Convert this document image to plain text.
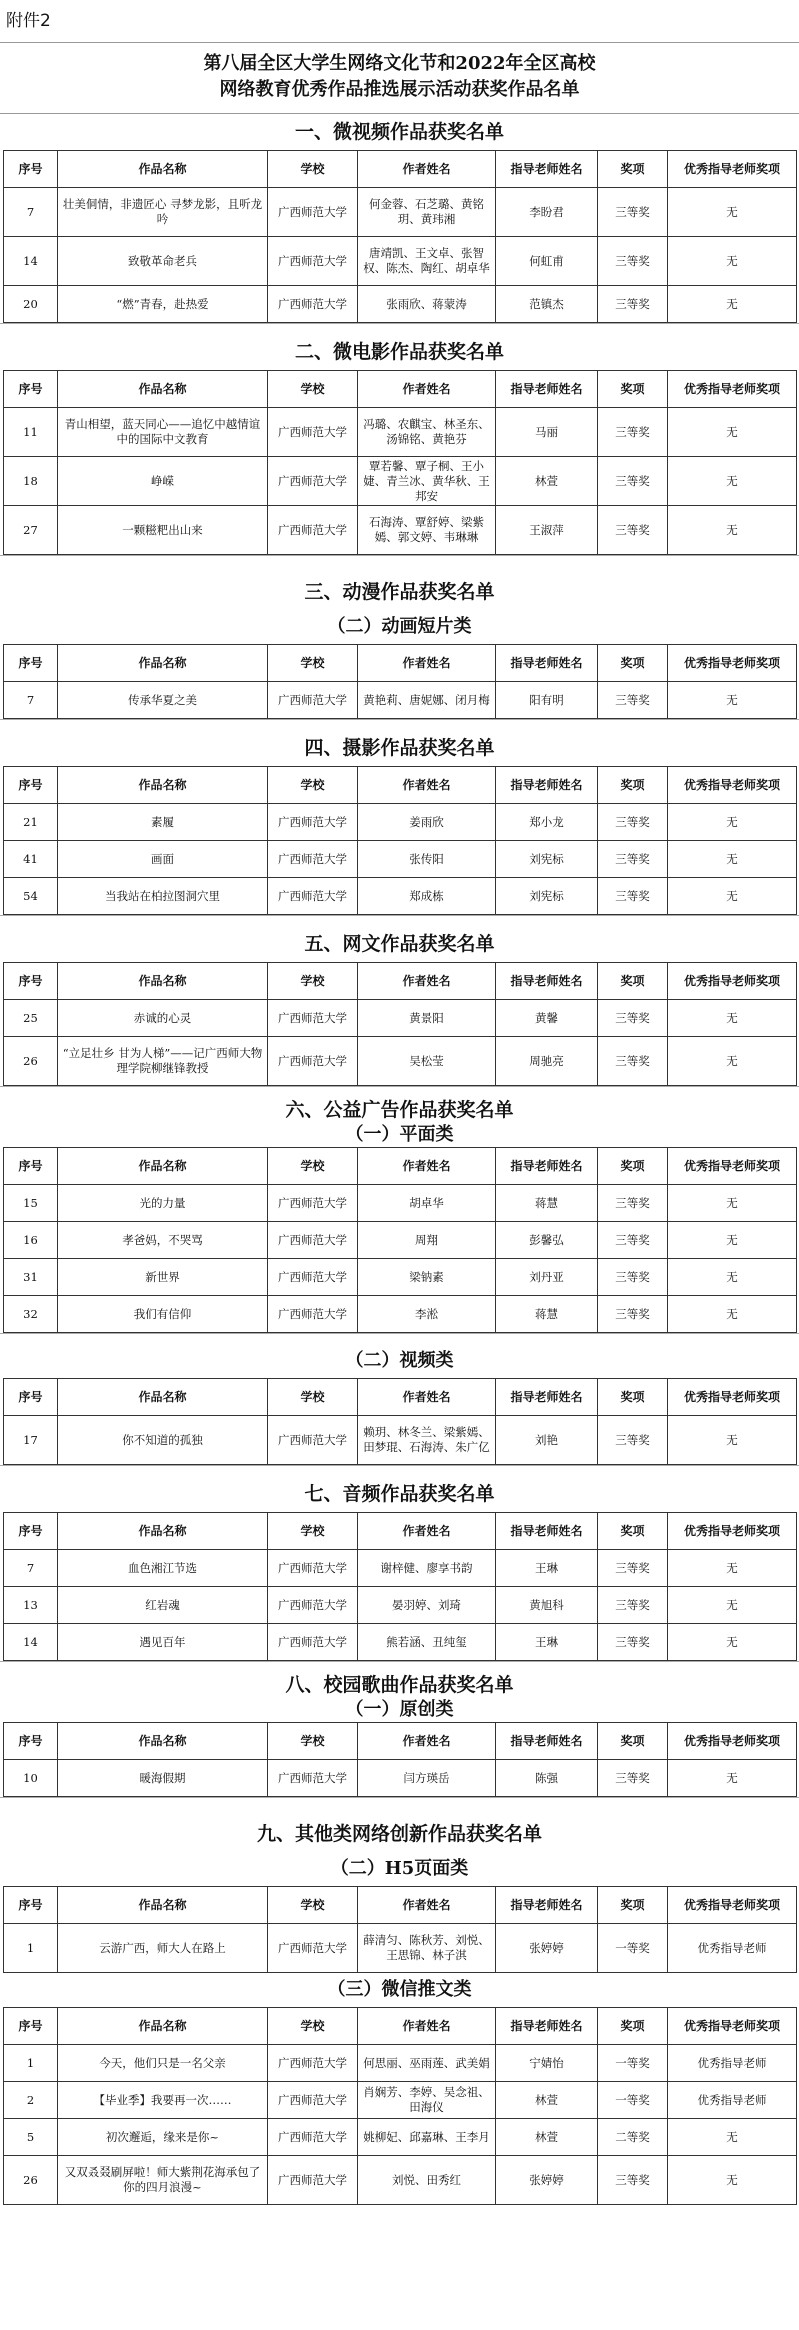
附件2
第八届全区大学生网络文化节和2022年全区高校
网络教育优秀作品推选展示活动获奖作品名单
一、微视频作品获奖名单
序号	作品名称	学校	作者姓名	指导老师姓名	奖项	优秀指导老师奖项
7	壮美侗情，非遗匠心 寻梦龙影，且听龙吟	广西师范大学	何金蓉、石芝璐、黄铭玥、黄玮湘	李盼君	三等奖	无
14	致敬革命老兵	广西师范大学	唐靖凯、王文卓、张智权、陈杰、陶红、胡卓华	何虹甫	三等奖	无
20	“燃”青春，赴热爱	广西师范大学	张雨欣、蒋蒙涛	范镇杰	三等奖	无
二、微电影作品获奖名单
序号	作品名称	学校	作者姓名	指导老师姓名	奖项	优秀指导老师奖项
11	青山相望，蓝天同心——追忆中越情谊中的国际中文教育	广西师范大学	冯璐、农麒宝、林圣东、汤锦铭、黄艳芬	马丽	三等奖	无
18	峥嵘	广西师范大学	覃若馨、覃子桐、王小婕、青兰冰、黄华秋、王邦安	林萱	三等奖	无
27	一颗糍粑出山来	广西师范大学	石海涛、覃舒婷、梁紫嫣、郭文婷、韦琳琳	王淑萍	三等奖	无
三、动漫作品获奖名单
（二）动画短片类
序号	作品名称	学校	作者姓名	指导老师姓名	奖项	优秀指导老师奖项
7	传承华夏之美	广西师范大学	黄艳莉、唐妮娜、闭月梅	阳有明	三等奖	无
四、摄影作品获奖名单
序号	作品名称	学校	作者姓名	指导老师姓名	奖项	优秀指导老师奖项
21	素履	广西师范大学	姜雨欣	郑小龙	三等奖	无
41	画面	广西师范大学	张传阳	刘宪标	三等奖	无
54	当我站在柏拉图洞穴里	广西师范大学	郑成栋	刘宪标	三等奖	无
五、网文作品获奖名单
序号	作品名称	学校	作者姓名	指导老师姓名	奖项	优秀指导老师奖项
25	赤诚的心灵	广西师范大学	黄景阳	黄馨	三等奖	无
26	“立足壮乡 甘为人梯”——记广西师大物理学院柳继锋教授	广西师范大学	吴松莹	周驰亮	三等奖	无
六、公益广告作品获奖名单
（一）平面类
序号	作品名称	学校	作者姓名	指导老师姓名	奖项	优秀指导老师奖项
15	光的力量	广西师范大学	胡卓华	蒋慧	三等奖	无
16	孝爸妈，不哭骂	广西师范大学	周翔	彭馨弘	三等奖	无
31	新世界	广西师范大学	梁钠素	刘丹亚	三等奖	无
32	我们有信仰	广西师范大学	李淞	蒋慧	三等奖	无
（二）视频类
序号	作品名称	学校	作者姓名	指导老师姓名	奖项	优秀指导老师奖项
17	你不知道的孤独	广西师范大学	赖玥、林冬兰、梁紫嫣、田梦琨、石海涛、朱广亿	刘艳	三等奖	无
七、音频作品获奖名单
序号	作品名称	学校	作者姓名	指导老师姓名	奖项	优秀指导老师奖项
7	血色湘江节选	广西师范大学	谢梓健、廖享书韵	王琳	三等奖	无
13	红岩魂	广西师范大学	晏羽婷、刘琦	黄旭科	三等奖	无
14	遇见百年	广西师范大学	熊若涵、丑纯玺	王琳	三等奖	无
八、校园歌曲作品获奖名单
（一）原创类
序号	作品名称	学校	作者姓名	指导老师姓名	奖项	优秀指导老师奖项
10	暖海假期	广西师范大学	闫方瑛岳	陈强	三等奖	无
九、其他类网络创新作品获奖名单
（二）H5页面类
序号	作品名称	学校	作者姓名	指导老师姓名	奖项	优秀指导老师奖项
1	云游广西，师大人在路上	广西师范大学	薛清匀、陈秋芳、刘悦、王思锦、林子淇	张婷婷	一等奖	优秀指导老师
（三）微信推文类
序号	作品名称	学校	作者姓名	指导老师姓名	奖项	优秀指导老师奖项
1	今天，他们只是一名父亲	广西师范大学	何思丽、巫雨莲、武美娟	宁婧怡	一等奖	优秀指导老师
2	【毕业季】我要再一次……	广西师范大学	肖娴芳、李婷、吴念祖、田海仪	林萱	一等奖	优秀指导老师
5	初次邂逅，缘来是你~	广西师范大学	姚柳妃、邱嘉琳、王李月	林萱	二等奖	无
26	又双叒叕刷屏啦！师大紫荆花海承包了你的四月浪漫~	广西师范大学	刘悦、田秀红	张婷婷	三等奖	无
